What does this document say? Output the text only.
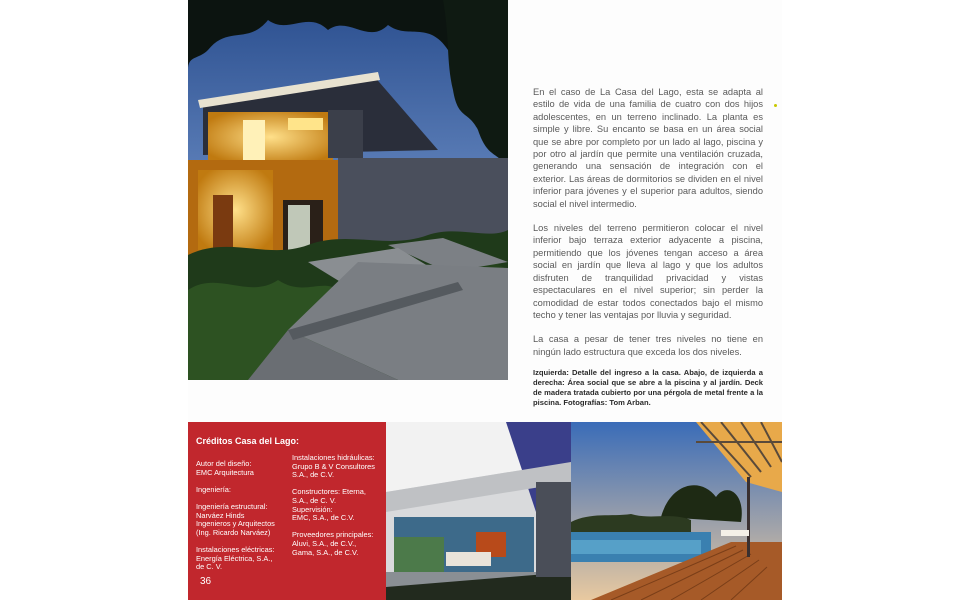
En el caso de La Casa del Lago, esta se adapta al estilo de vida de una familia de cuatro con dos hijos adolescentes, en un terreno inclinado. La planta es simple y libre. Su encanto se basa en un área social que se abre por completo por un lado al lago, piscina y por otro al jardín que permite una ventilación cruzada, generando una sensación de integración con el exterior. Las áreas de dormitorios se dividen en el nivel inferior para jóvenes y el superior para adultos, siendo social el nivel intermedio.

Los niveles del terreno permitieron colocar el nivel inferior bajo terraza exterior adyacente a piscina, permitiendo que los jóvenes tengan acceso a área social en jardín que lleva al lago y que los adultos disfruten de tranquilidad privacidad y vistas espectaculares en el nivel superior; sin perder la comodidad de estar todos conectados bajo el mismo techo y tener las ventajas por lluvia y seguridad.

La casa a pesar de tener tres niveles no tiene en ningún lado estructura que exceda los dos niveles.

Izquierda: Detalle del ingreso a la casa. Abajo, de izquierda a derecha: Área social que se abre a la piscina y al jardín. Deck de madera tratada cubierto por una pérgola de metal frente a la piscina. Fotografías: Tom Arban.
Créditos Casa del Lago:
Autor del diseño:
EMC Arquitectura
Ingeniería:
Ingeniería estructural:
Narváez Hinds
Ingenieros y Arquitectos
(Ing. Ricardo Narváez)
Instalaciones eléctricas:
Energía Eléctrica, S.A.,
de C. V.
Instalaciones hidráulicas:
Grupo B & V Consultores
S.A., de C.V.
Constructores: Eterna,
S.A., de C. V.
Supervisión:
EMC, S.A., de C.V.
Proveedores principales:
Aluvi, S.A., de C.V.,
Gama, S.A., de C.V.
36
